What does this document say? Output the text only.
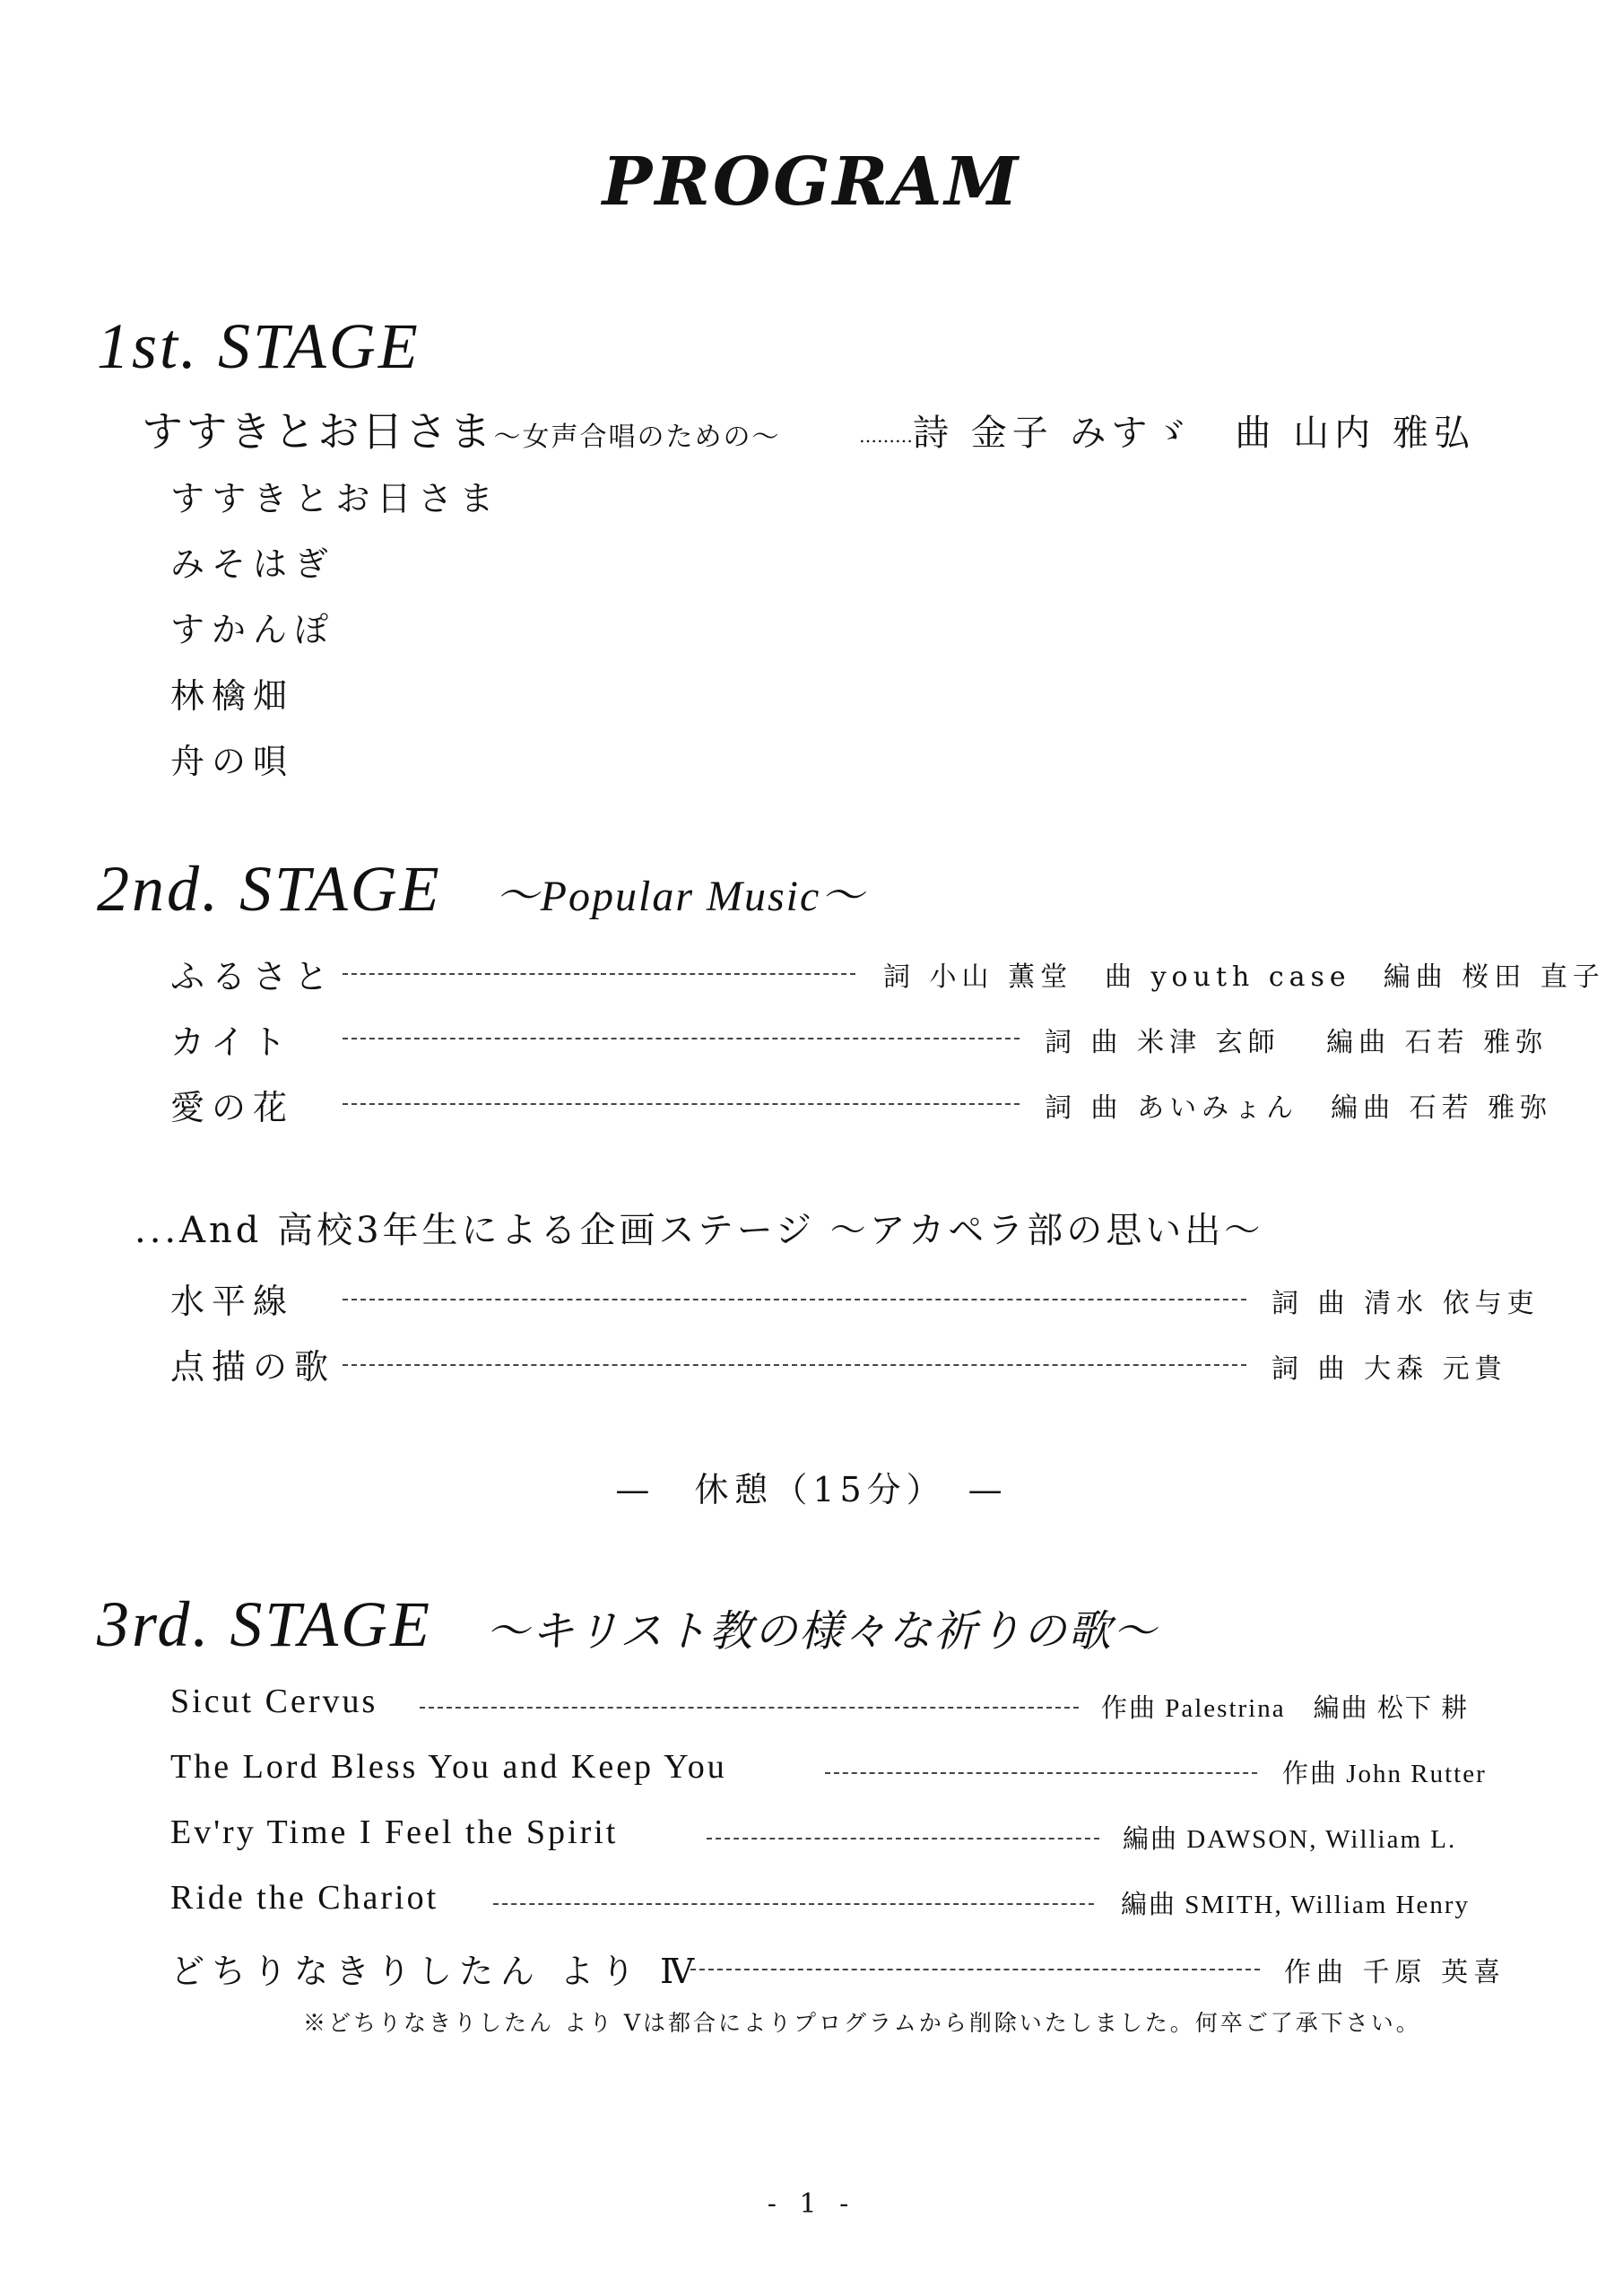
PROGRAM
1st. STAGE
すすきとお日さま〜女声合唱のための〜	………詩 金子 みすゞ　曲 山内 雅弘
すすきとお日さま
みそはぎ
すかんぽ
林檎畑
舟の唄
2nd. STAGE 〜Popular Music〜
ふるさと	詞 小山 薫堂　曲 youth case　編曲 桜田 直子
カイト	詞 曲 米津 玄師　 編曲 石若 雅弥
愛の花	詞 曲 あいみょん　編曲 石若 雅弥
...And 高校3年生による企画ステージ 〜アカペラ部の思い出〜
水平線	詞 曲 清水 依与吏
点描の歌	詞 曲 大森 元貴
—　休憩（15分）　—
3rd. STAGE 〜キリスト教の様々な祈りの歌〜
Sicut Cervus	作曲 Palestrina　編曲 松下 耕
The Lord Bless You and Keep You	作曲 John Rutter
Ev'ry Time I Feel the Spirit	編曲 DAWSON, William L.
Ride the Chariot	編曲 SMITH, William Henry
どちりなきりしたん より Ⅳ	作曲 千原 英喜
※どちりなきりしたん より Ⅴは都合によりプログラムから削除いたしました。何卒ご了承下さい。
- 1 -
